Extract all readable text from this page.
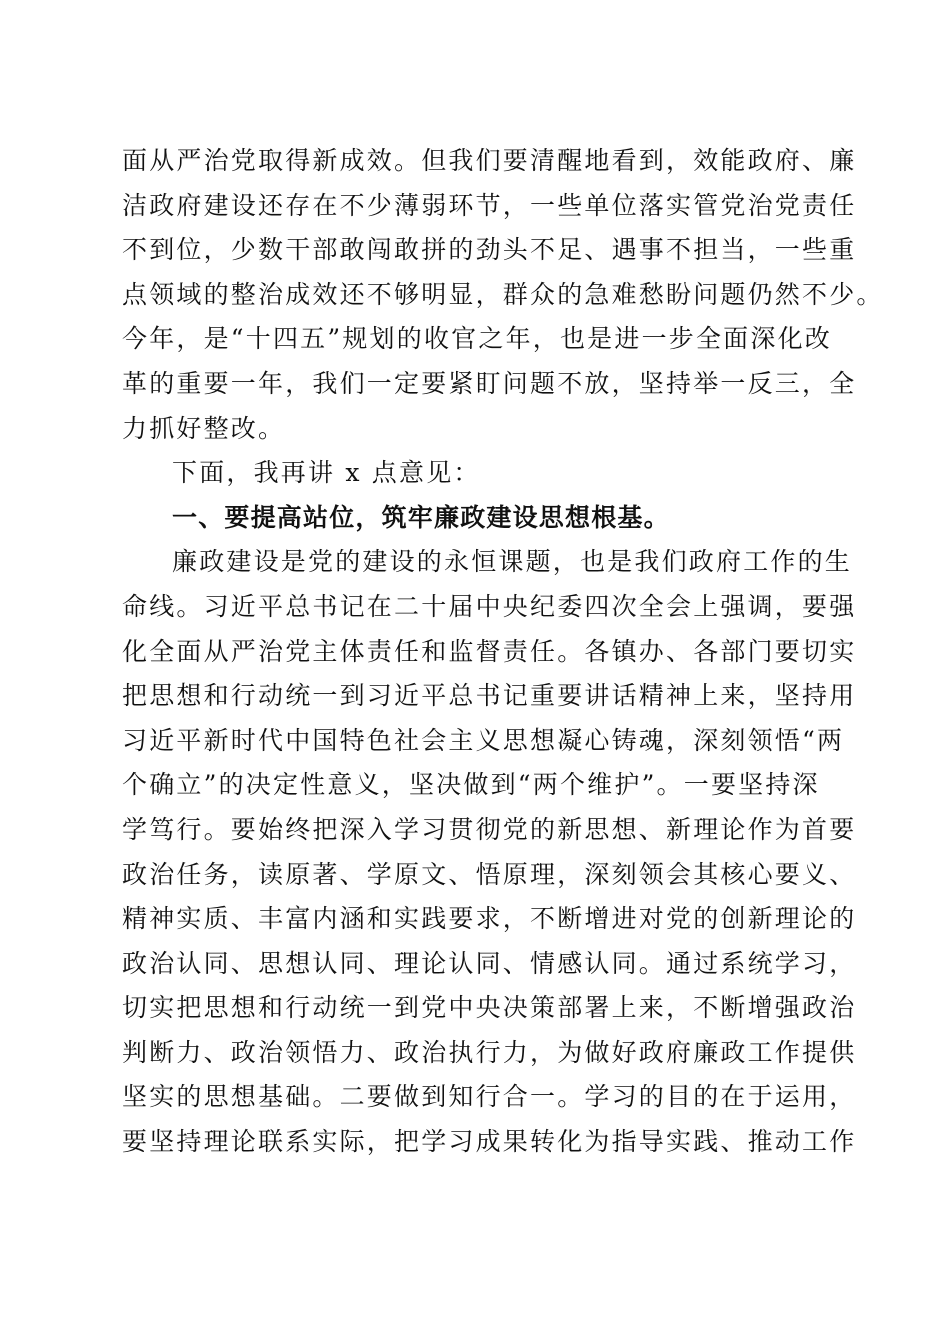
面从严治党取得新成效。但我们要清醒地看到，效能政府、廉
洁政府建设还存在不少薄弱环节，一些单位落实管党治党责任
不到位，少数干部敢闯敢拼的劲头不足、遇事不担当，一些重
点领域的整治成效还不够明显，群众的急难愁盼问题仍然不少。
今年，是“十四五”规划的收官之年，也是进一步全面深化改
革的重要一年，我们一定要紧盯问题不放，坚持举一反三，全
力抓好整改。
下面，我再讲 x 点意见：
一、要提高站位，筑牢廉政建设思想根基。
廉政建设是党的建设的永恒课题，也是我们政府工作的生
命线。习近平总书记在二十届中央纪委四次全会上强调，要强
化全面从严治党主体责任和监督责任。各镇办、各部门要切实
把思想和行动统一到习近平总书记重要讲话精神上来，坚持用
习近平新时代中国特色社会主义思想凝心铸魂，深刻领悟“两
个确立”的决定性意义，坚决做到“两个维护”。一要坚持深
学笃行。要始终把深入学习贯彻党的新思想、新理论作为首要
政治任务，读原著、学原文、悟原理，深刻领会其核心要义、
精神实质、丰富内涵和实践要求，不断增进对党的创新理论的
政治认同、思想认同、理论认同、情感认同。通过系统学习，
切实把思想和行动统一到党中央决策部署上来，不断增强政治
判断力、政治领悟力、政治执行力，为做好政府廉政工作提供
坚实的思想基础。二要做到知行合一。学习的目的在于运用，
要坚持理论联系实际，把学习成果转化为指导实践、推动工作
